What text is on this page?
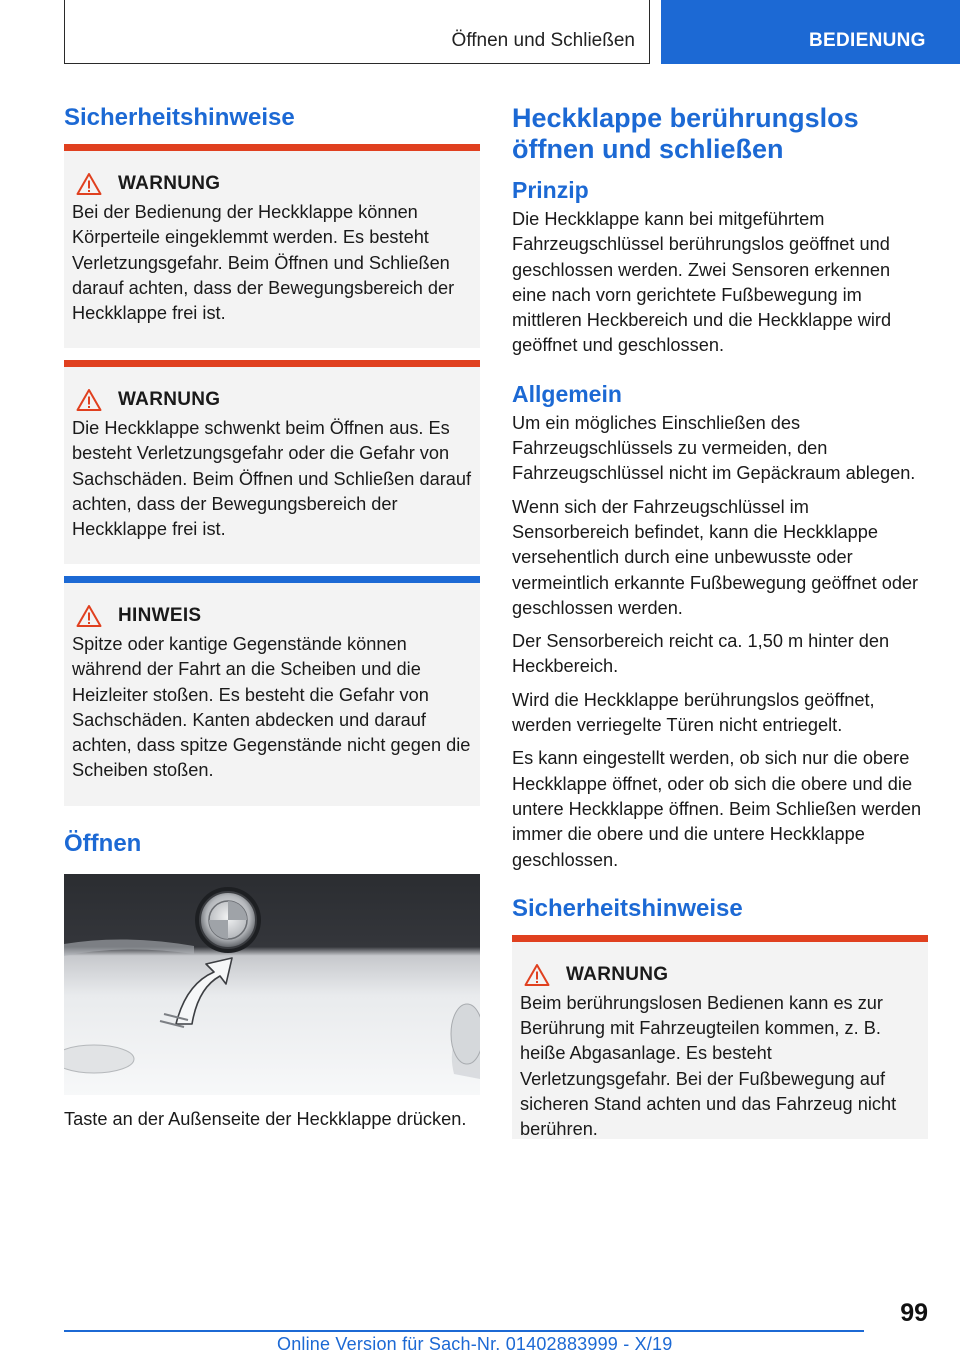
Öffnen und Schließen	BEDIENUNG
Sicherheitshinweise
WARNUNG

Bei der Bedienung der Heckklappe können Körperteile eingeklemmt werden. Es besteht Verletzungsgefahr. Beim Öffnen und Schließen darauf achten, dass der Bewegungsbereich der Heckklappe frei ist.

WARNUNG

Die Heckklappe schwenkt beim Öffnen aus. Es besteht Verletzungsgefahr oder die Gefahr von Sachschäden. Beim Öffnen und Schließen darauf achten, dass der Bewegungsbereich der Heckklappe frei ist.

HINWEIS

Spitze oder kantige Gegenstände können während der Fahrt an die Scheiben und die Heizleiter stoßen. Es besteht die Gefahr von Sachschäden. Kanten abdecken und darauf achten, dass spitze Gegenstände nicht gegen die Scheiben stoßen.

Öffnen

Taste an der Außenseite der Heckklappe drücken.

Heckklappe berührungslos öffnen und schließen
Prinzip

Die Heckklappe kann bei mitgeführtem Fahrzeugschlüssel berührungslos geöffnet und geschlossen werden. Zwei Sensoren erkennen eine nach vorn gerichtete Fußbewegung im mittleren Heckbereich und die Heckklappe wird geöffnet und geschlossen.

Allgemein

Um ein mögliches Einschließen des Fahrzeugschlüssels zu vermeiden, den Fahrzeugschlüssel nicht im Gepäckraum ablegen.

Wenn sich der Fahrzeugschlüssel im Sensorbereich befindet, kann die Heckklappe versehentlich durch eine unbewusste oder vermeintlich erkannte Fußbewegung geöffnet oder geschlossen werden.

Der Sensorbereich reicht ca. 1,50 m hinter den Heckbereich.

Wird die Heckklappe berührungslos geöffnet, werden verriegelte Türen nicht entriegelt.

Es kann eingestellt werden, ob sich nur die obere Heckklappe öffnet, oder ob sich die obere und die untere Heckklappe öffnen. Beim Schließen werden immer die obere und die untere Heckklappe geschlossen.

Sicherheitshinweise
WARNUNG

Beim berührungslosen Bedienen kann es zur Berührung mit Fahrzeugteilen kommen, z. B. heiße Abgasanlage. Es besteht Verletzungsgefahr. Bei der Fußbewegung auf sicheren Stand achten und das Fahrzeug nicht berühren.

99
Online Version für Sach-Nr. 01402883999 - X/19
